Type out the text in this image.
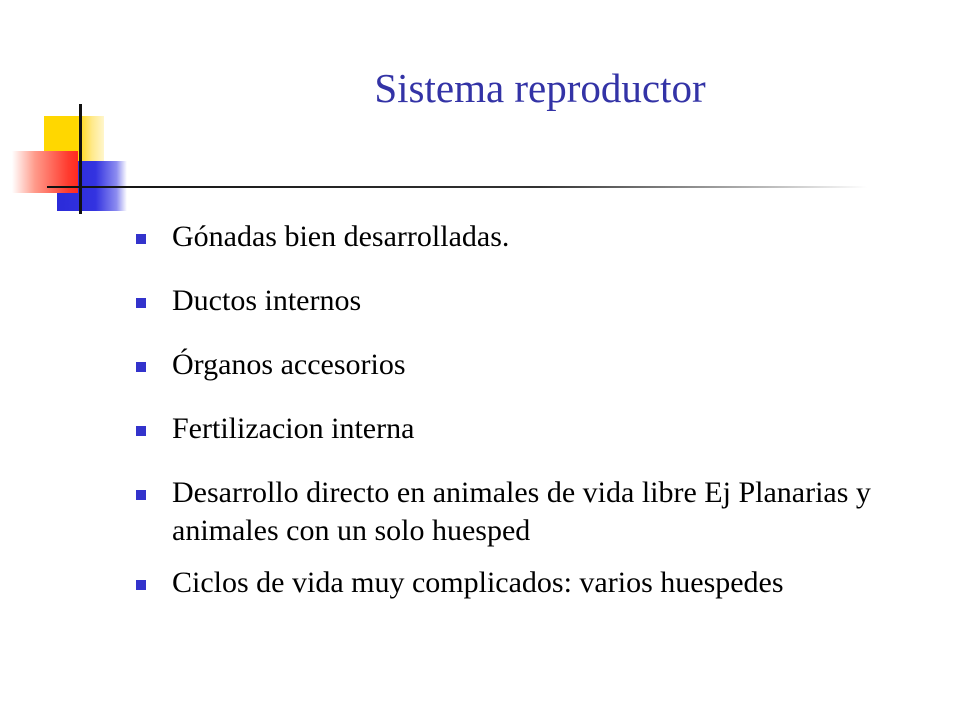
Sistema reproductor
Gónadas bien desarrolladas.
Ductos internos
Órganos accesorios
Fertilizacion interna
Desarrollo directo en animales de vida libre Ej Planarias y animales con un solo huesped
Ciclos de vida muy complicados: varios huespedes
